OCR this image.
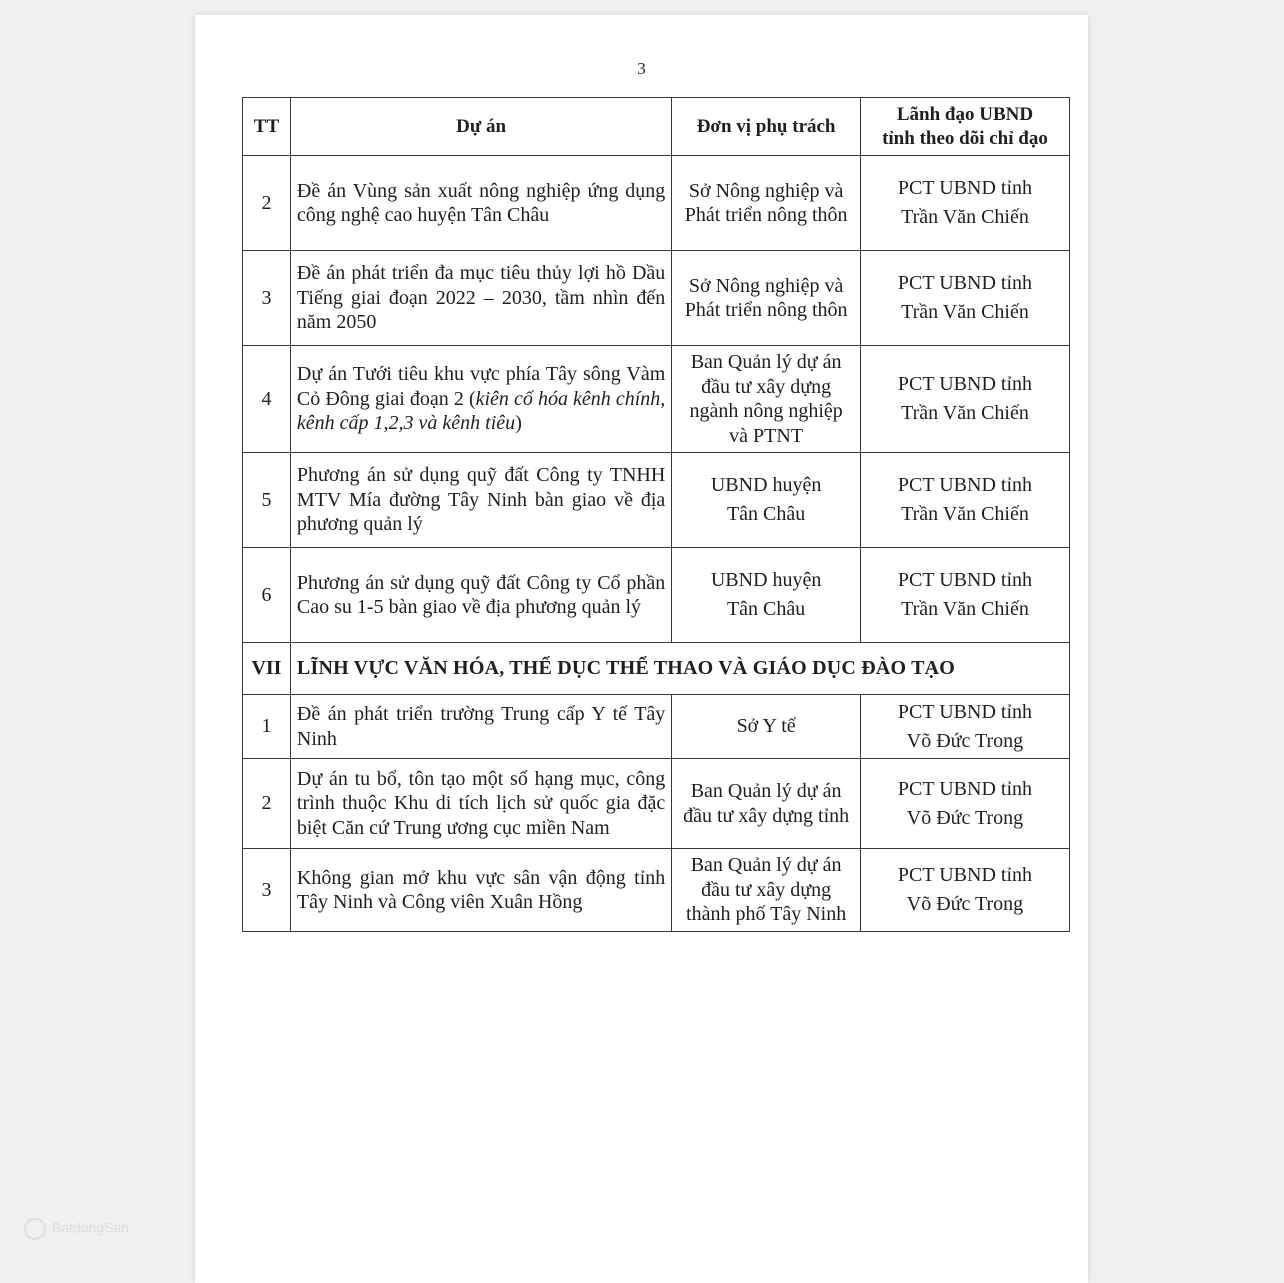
3
TT	Dự án	Đơn vị phụ trách	Lãnh đạo UBND
tỉnh theo dõi chỉ đạo
2	Đề án Vùng sản xuất nông nghiệp ứng dụng công nghệ cao huyện Tân Châu	Sở Nông nghiệp và Phát triển nông thôn	PCT UBND tỉnh
Trần Văn Chiến
3	Đề án phát triển đa mục tiêu thủy lợi hồ Dầu Tiếng giai đoạn 2022 – 2030, tầm nhìn đến năm 2050	Sở Nông nghiệp và Phát triển nông thôn	PCT UBND tỉnh
Trần Văn Chiến
4	Dự án Tưới tiêu khu vực phía Tây sông Vàm Cỏ Đông giai đoạn 2 (kiên cố hóa kênh chính, kênh cấp 1,2,3 và kênh tiêu)	Ban Quản lý dự án đầu tư xây dựng ngành nông nghiệp và PTNT	PCT UBND tỉnh
Trần Văn Chiến
5	Phương án sử dụng quỹ đất Công ty TNHH MTV Mía đường Tây Ninh bàn giao về địa phương quản lý	UBND huyện
Tân Châu	PCT UBND tỉnh
Trần Văn Chiến
6	Phương án sử dụng quỹ đất Công ty Cổ phần Cao su 1-5 bàn giao về địa phương quản lý	UBND huyện
Tân Châu	PCT UBND tỉnh
Trần Văn Chiến
VII	LĨNH VỰC VĂN HÓA, THỂ DỤC THỂ THAO VÀ GIÁO DỤC ĐÀO TẠO		
1	Đề án phát triển trường Trung cấp Y tế Tây Ninh	Sở Y tế	PCT UBND tỉnh
Võ Đức Trong
2	Dự án tu bổ, tôn tạo một số hạng mục, công trình thuộc Khu di tích lịch sử quốc gia đặc biệt Căn cứ Trung ương cục miền Nam	Ban Quản lý dự án đầu tư xây dựng tỉnh	PCT UBND tỉnh
Võ Đức Trong
3	Không gian mở khu vực sân vận động tỉnh Tây Ninh và Công viên Xuân Hồng	Ban Quản lý dự án đầu tư xây dựng thành phố Tây Ninh	PCT UBND tỉnh
Võ Đức Trong
BatdongSan
